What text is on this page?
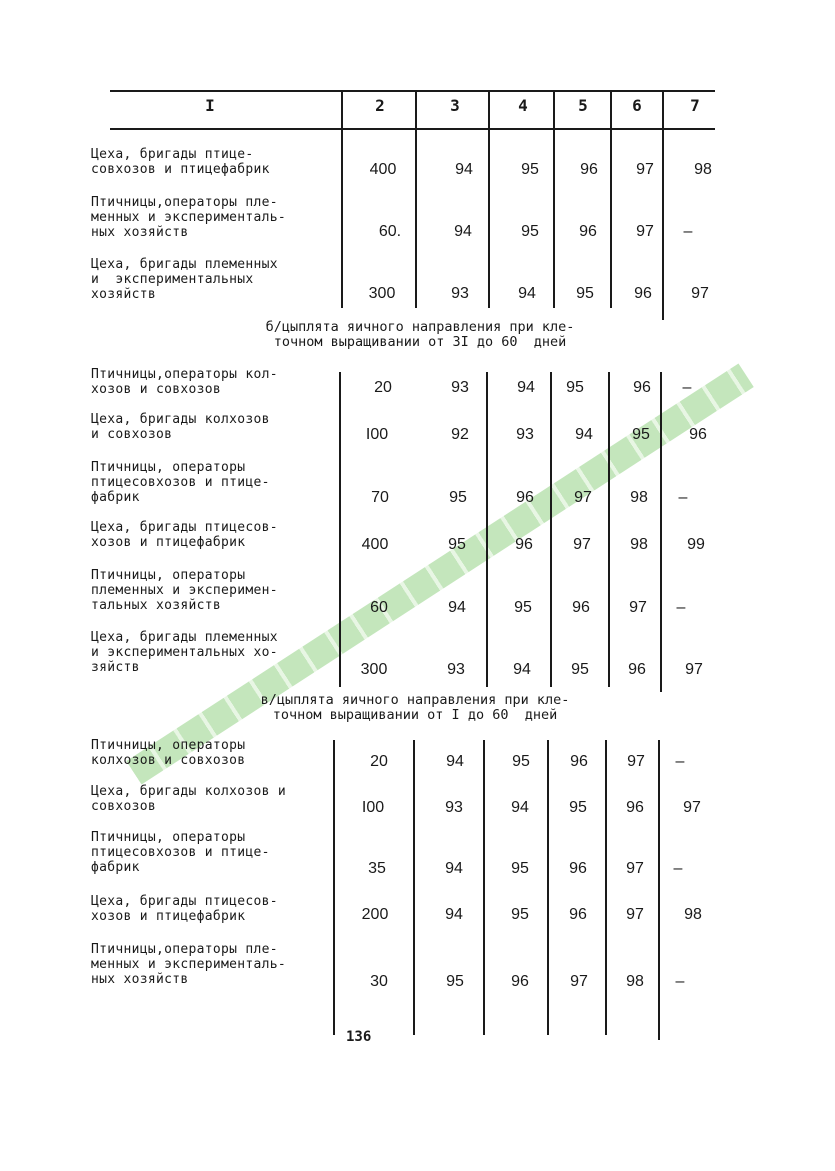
I	2	3	4	5	6	7
Цеха, бригады птице-
совхозов и птицефабрик	400	94	95	96	97	98
Птичницы,операторы пле-
менных и эксперименталь-
ных хозяйств	60.	94	95	96	97	–
Цеха, бригады племенных
и  экспериментальных
хозяйств	300	93	94	95	96	97
б/цыплята яичного направления при кле-
точном выращивании от 3I до 60  дней
Птичницы,операторы кол-
хозов и совхозов	20	93	94	95	96	–
Цеха, бригады колхозов
и совхозов	I00	92	93	94	95	96
Птичницы, операторы
птицесовхозов и птице-
фабрик	70	95	96	97	98	–
Цеха, бригады птицесов-
хозов и птицефабрик	400	95	96	97	98	99
Птичницы, операторы
племенных и эксперимен-
тальных хозяйств	60	94	95	96	97	–
Цеха, бригады племенных
и экспериментальных хо-
зяйств	300	93	94	95	96	97
в/цыплята яичного направления при кле-
точном выращивании от I до 60  дней
Птичницы, операторы
колхозов и совхозов	20	94	95	96	97	–
Цеха, бригады колхозов и
совхозов	I00	93	94	95	96	97
Птичницы, операторы
птицесовхозов и птице-
фабрик	35	94	95	96	97	–
Цеха, бригады птицесов-
хозов и птицефабрик	200	94	95	96	97	98
Птичницы,операторы пле-
менных и эксперименталь-
ных хозяйств	30	95	96	97	98	–
136
